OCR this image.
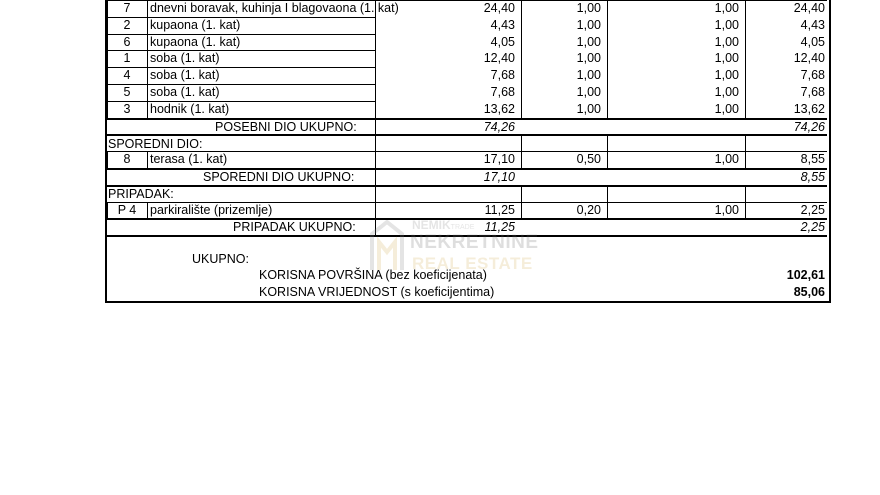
7	dnevni boravak, kuhinja I blagovaona (1. kat)	24,40	1,00	1,00	24,40
2	kupaona (1. kat)	4,43	1,00	1,00	4,43
6	kupaona (1. kat)	4,05	1,00	1,00	4,05
1	soba (1. kat)	12,40	1,00	1,00	12,40
4	soba (1. kat)	7,68	1,00	1,00	7,68
5	soba (1. kat)	7,68	1,00	1,00	7,68
3	hodnik (1. kat)	13,62	1,00	1,00	13,62
POSEBNI DIO UKUPNO:	74,26	74,26
SPOREDNI DIO:
8	terasa (1. kat)	17,10	0,50	1,00	8,55
SPOREDNI DIO UKUPNO:	17,10	8,55
PRIPADAK:
P 4	parkiralište (prizemlje)	11,25	0,20	1,00	2,25
PRIPADAK UKUPNO:	11,25	2,25
UKUPNO:
KORISNA POVRŠINA (bez koeficijenata)	102,61
KORISNA VRIJEDNOST (s koeficijentima)	85,06
NEMIKTRADE
NEKRETNINE
REAL ESTATE
